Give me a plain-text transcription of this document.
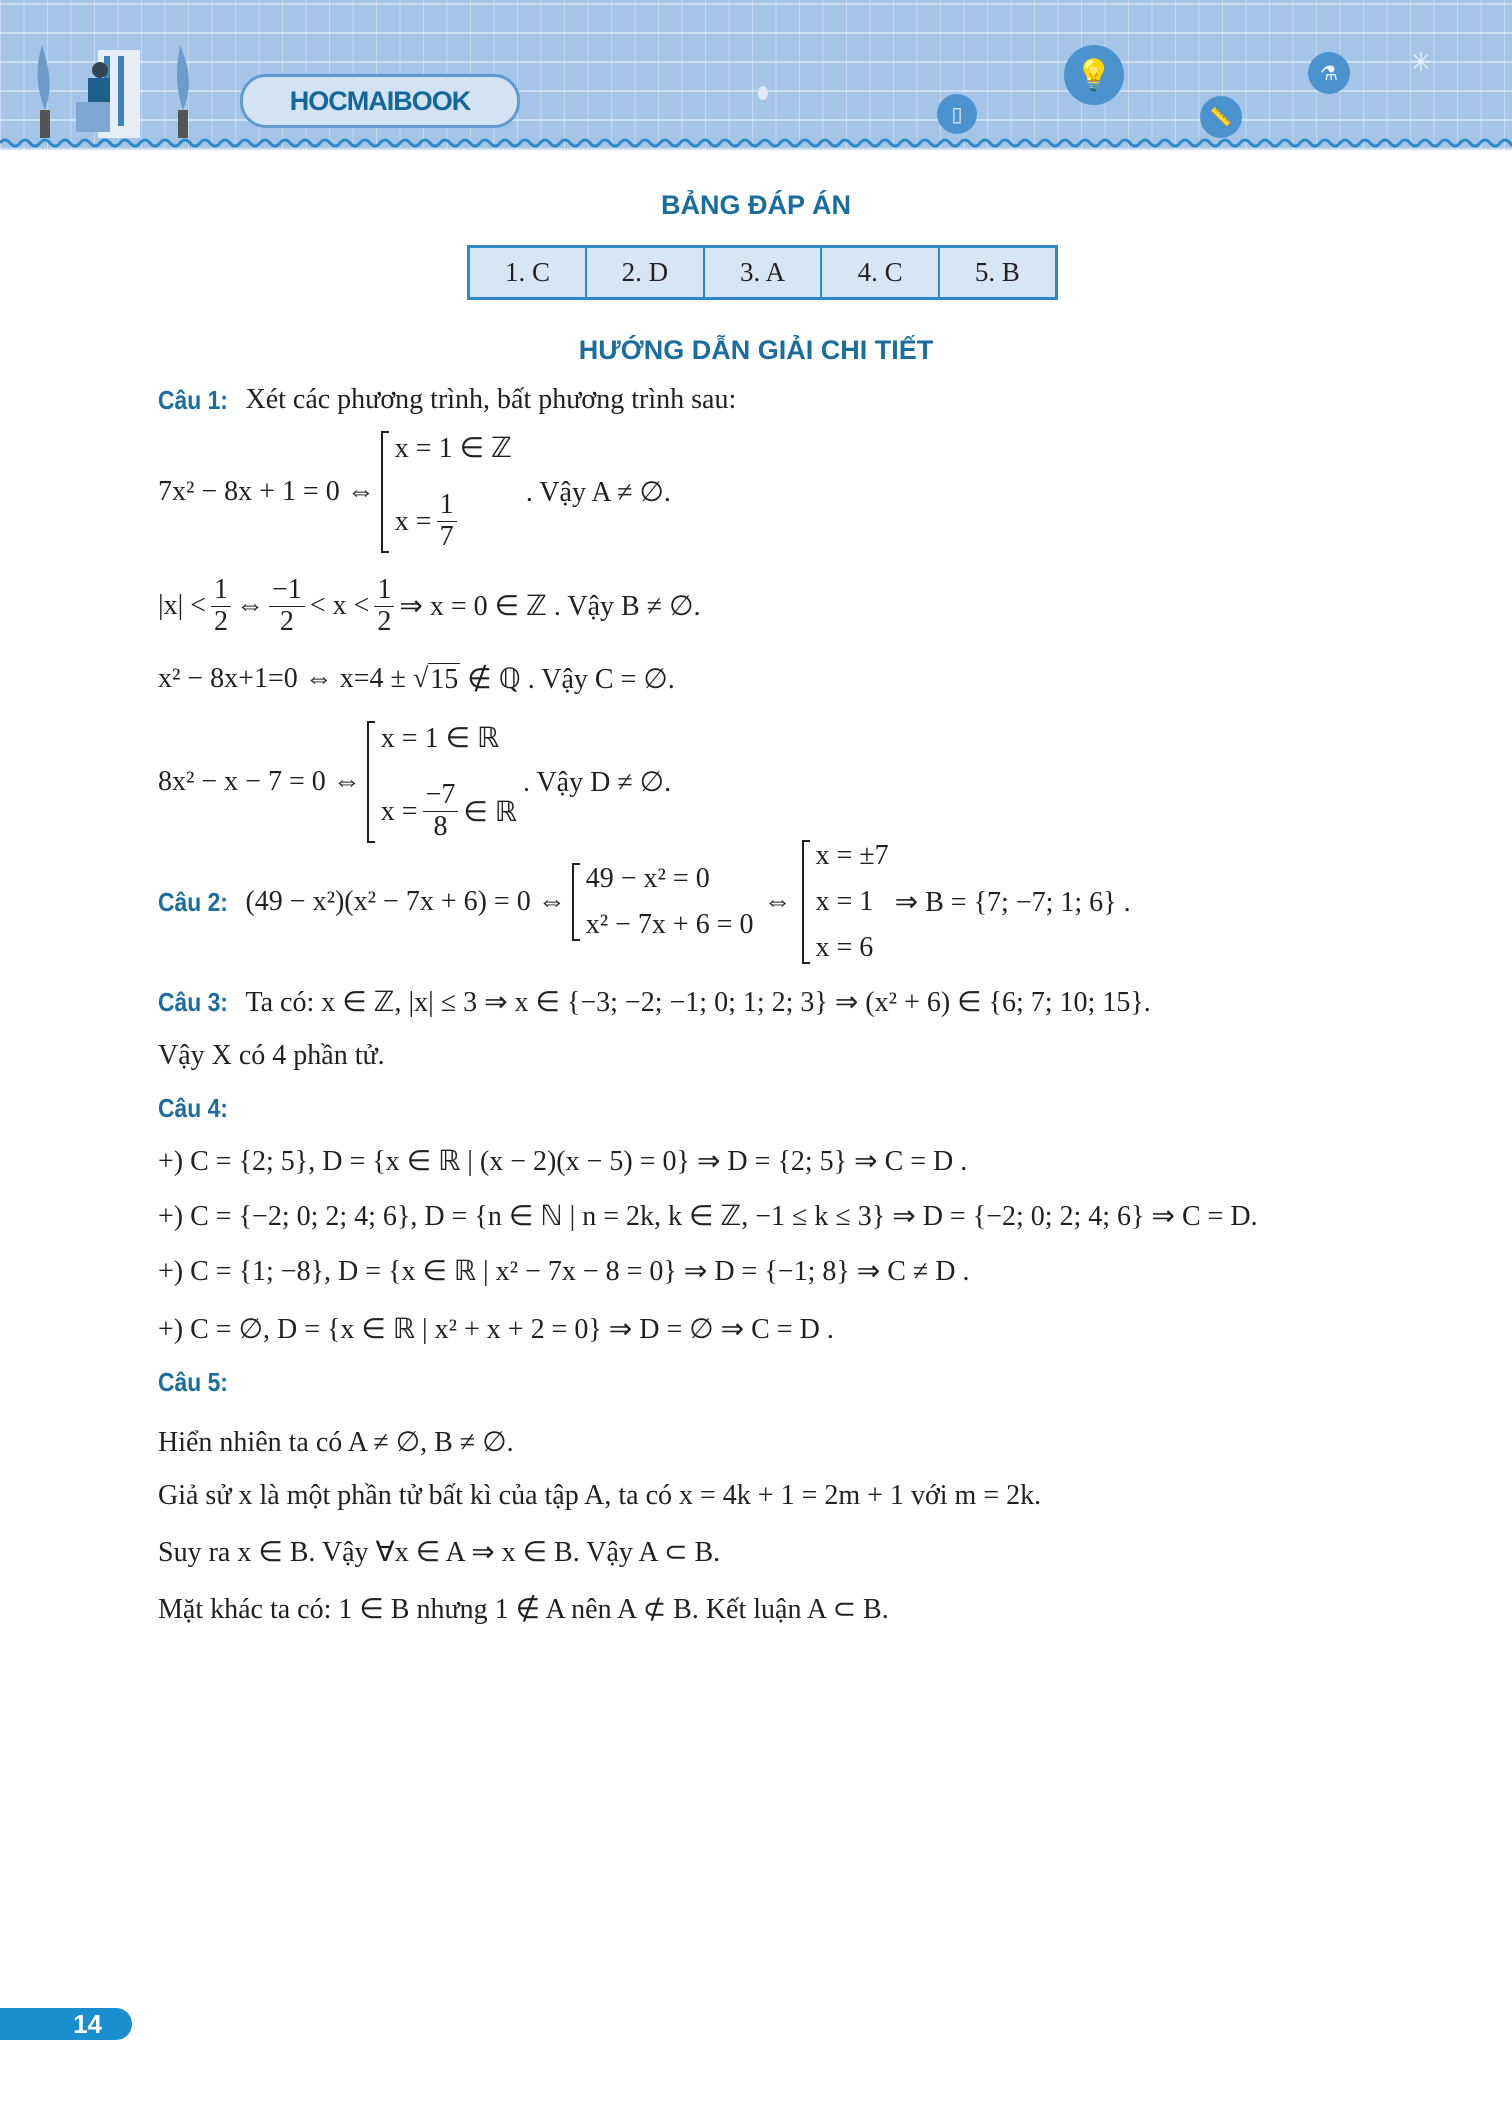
HOCMAIBOOK	▯
💡
📏
⚗	✳
BẢNG ĐÁP ÁN
1. C	2. D	3. A	4. C	5. B
HƯỚNG DẪN GIẢI CHI TIẾT
Câu 1: Xét các phương trình, bất phương trình sau:
7x² − 8x + 1 = 0 ⇔
x = 1 ∈ ℤ
$x = \frac{1}{7}$ . Vậy A ≠ ∅.
$|x| < \frac{1}{2}$ ⇔ $\frac{-1}{2} < x < \frac{1}{2}$ ⇒ x = 0 ∈ ℤ . Vậy B ≠ ∅.
x² − 8x+1=0 ⇔ x=4 ± √ 15
∉ ℚ . Vậy C = ∅.
8x² − x − 7 = 0 ⇔
x = 1 ∈ ℝ
$x = \frac{-7}{8}$ ∈ ℝ
. Vậy D ≠ ∅.
Câu 2: (49 − x²)(x² − 7x + 6) = 0 ⇔
49 − x² = 0
x² − 7x + 6 = 0
⇔
x = ±7
x = 1
x = 6
⇒ B = {7; −7; 1; 6} .
Câu 3: Ta có: x ∈ ℤ, |x| ≤ 3 ⇒ x ∈ {−3; −2; −1; 0; 1; 2; 3} ⇒ (x² + 6) ∈ {6; 7; 10; 15}.
Vậy X có 4 phần tử.
Câu 4:
+) C = {2; 5}, D = {x ∈ ℝ | (x − 2)(x − 5) = 0} ⇒ D = {2; 5} ⇒ C = D .
+) C = {−2; 0; 2; 4; 6}, D = {n ∈ ℕ | n = 2k, k ∈ ℤ, −1 ≤ k ≤ 3} ⇒ D = {−2; 0; 2; 4; 6} ⇒ C = D.
+) C = {1; −8}, D = {x ∈ ℝ | x² − 7x − 8 = 0} ⇒ D = {−1; 8} ⇒ C ≠ D .
+) C = ∅, D = {x ∈ ℝ | x² + x + 2 = 0} ⇒ D = ∅ ⇒ C = D .
Câu 5:
Hiển nhiên ta có A ≠ ∅, B ≠ ∅.
Giả sử x là một phần tử bất kì của tập A, ta có x = 4k + 1 = 2m + 1 với m = 2k.
Suy ra x ∈ B. Vậy ∀x ∈ A ⇒ x ∈ B. Vậy A ⊂ B.
Mặt khác ta có: 1 ∈ B nhưng 1 ∉ A nên A ⊄ B. Kết luận A ⊂ B.
14
